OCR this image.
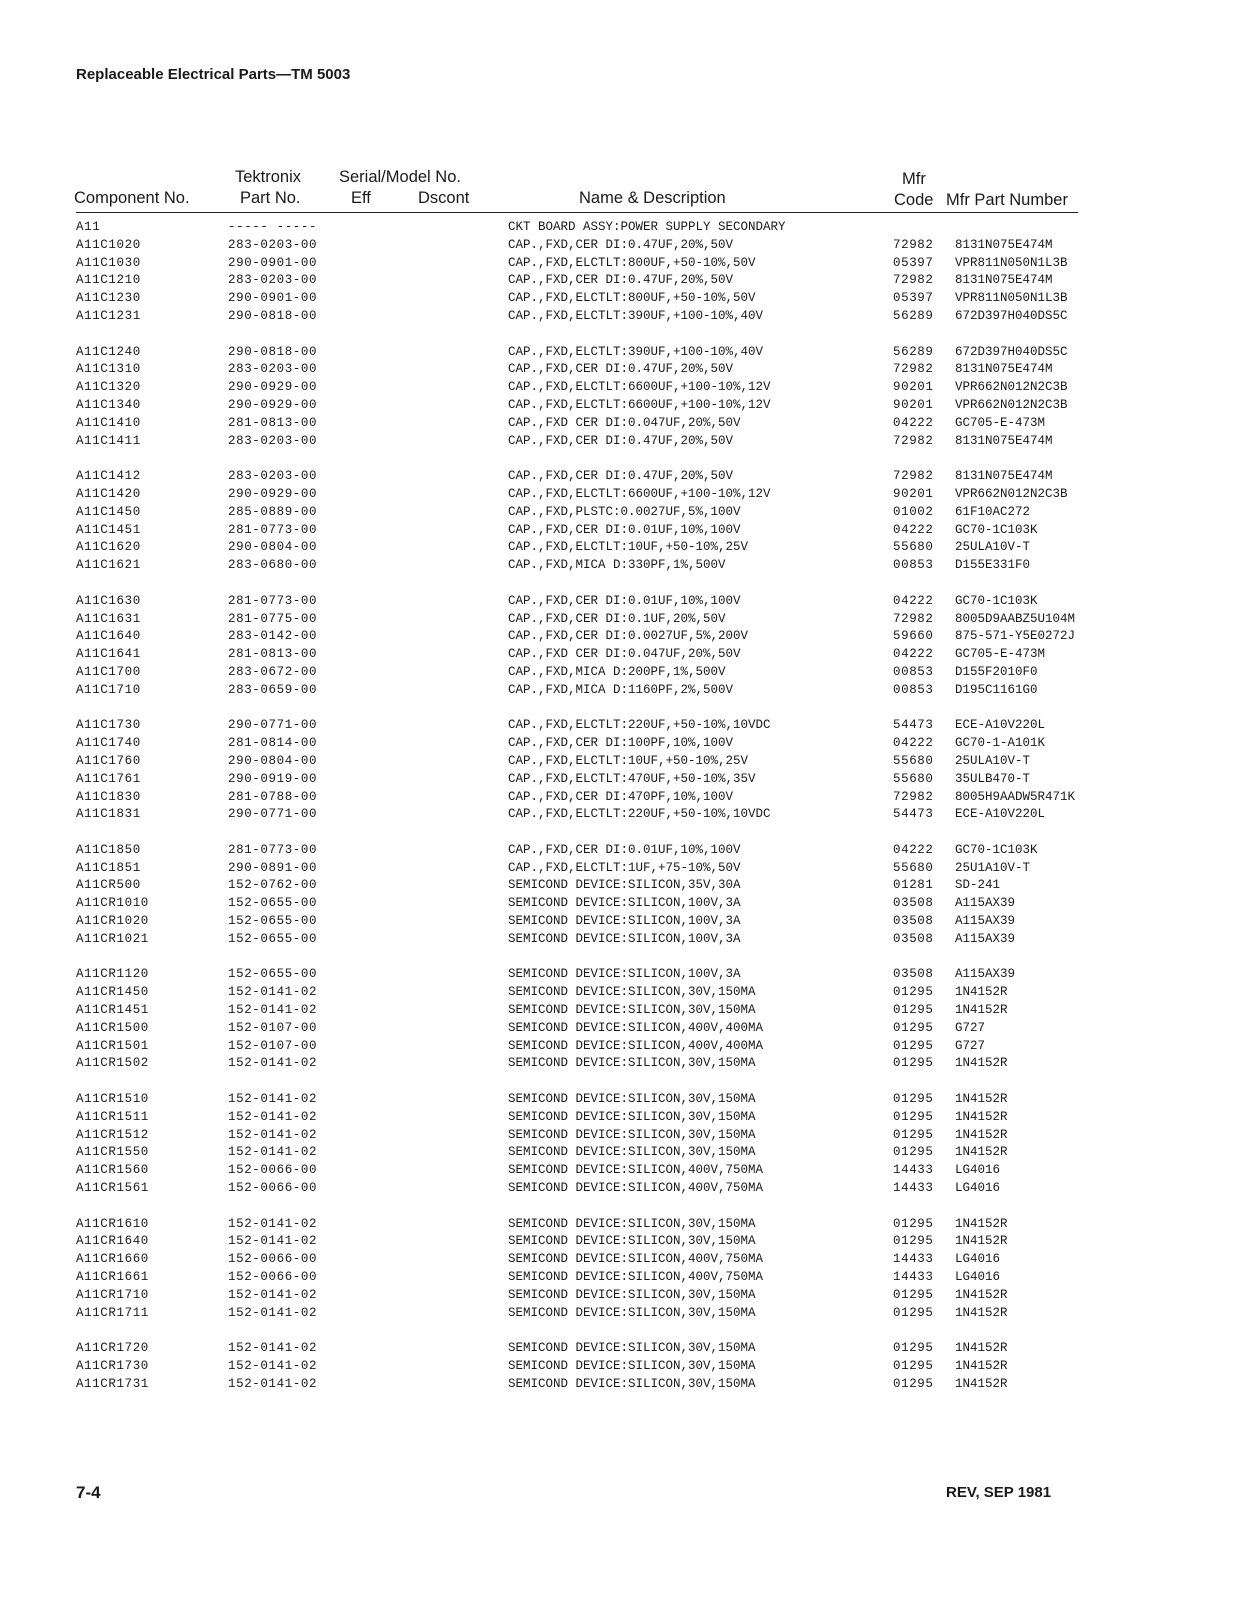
Replaceable Electrical Parts—TM 5003
Component No.
Tektronix
Part No.
Serial/Model No.
Eff	Dscont	Name & Description
Mfr
Code Mfr Part Number
A11	----- -----	CKT BOARD ASSY:POWER SUPPLY SECONDARY
A11C1020	283-0203-00	CAP.,FXD,CER DI:0.47UF,20%,50V	72982 8131N075E474M
A11C1030	290-0901-00	CAP.,FXD,ELCTLT:800UF,+50-10%,50V	05397 VPR811N050N1L3B
A11C1210	283-0203-00	CAP.,FXD,CER DI:0.47UF,20%,50V	72982 8131N075E474M
A11C1230	290-0901-00	CAP.,FXD,ELCTLT:800UF,+50-10%,50V	05397 VPR811N050N1L3B
A11C1231	290-0818-00	CAP.,FXD,ELCTLT:390UF,+100-10%,40V	56289 672D397H040DS5C
A11C1240	290-0818-00	CAP.,FXD,ELCTLT:390UF,+100-10%,40V	56289 672D397H040DS5C
A11C1310	283-0203-00	CAP.,FXD,CER DI:0.47UF,20%,50V	72982 8131N075E474M
A11C1320	290-0929-00	CAP.,FXD,ELCTLT:6600UF,+100-10%,12V	90201 VPR662N012N2C3B
A11C1340	290-0929-00	CAP.,FXD,ELCTLT:6600UF,+100-10%,12V	90201 VPR662N012N2C3B
A11C1410	281-0813-00	CAP.,FXD CER DI:0.047UF,20%,50V	04222 GC705-E-473M
A11C1411	283-0203-00	CAP.,FXD,CER DI:0.47UF,20%,50V	72982 8131N075E474M
A11C1412	283-0203-00	CAP.,FXD,CER DI:0.47UF,20%,50V	72982 8131N075E474M
A11C1420	290-0929-00	CAP.,FXD,ELCTLT:6600UF,+100-10%,12V	90201 VPR662N012N2C3B
A11C1450	285-0889-00	CAP.,FXD,PLSTC:0.0027UF,5%,100V	01002 61F10AC272
A11C1451	281-0773-00	CAP.,FXD,CER DI:0.01UF,10%,100V	04222 GC70-1C103K
A11C1620	290-0804-00	CAP.,FXD,ELCTLT:10UF,+50-10%,25V	55680 25ULA10V-T
A11C1621	283-0680-00	CAP.,FXD,MICA D:330PF,1%,500V	00853 D155E331F0
A11C1630	281-0773-00	CAP.,FXD,CER DI:0.01UF,10%,100V	04222 GC70-1C103K
A11C1631	281-0775-00	CAP.,FXD,CER DI:0.1UF,20%,50V	72982 8005D9AABZ5U104M
A11C1640	283-0142-00	CAP.,FXD,CER DI:0.0027UF,5%,200V	59660 875-571-Y5E0272J
A11C1641	281-0813-00	CAP.,FXD CER DI:0.047UF,20%,50V	04222 GC705-E-473M
A11C1700	283-0672-00	CAP.,FXD,MICA D:200PF,1%,500V	00853 D155F2010F0
A11C1710	283-0659-00	CAP.,FXD,MICA D:1160PF,2%,500V	00853 D195C1161G0
A11C1730	290-0771-00	CAP.,FXD,ELCTLT:220UF,+50-10%,10VDC	54473 ECE-A10V220L
A11C1740	281-0814-00	CAP.,FXD,CER DI:100PF,10%,100V	04222 GC70-1-A101K
A11C1760	290-0804-00	CAP.,FXD,ELCTLT:10UF,+50-10%,25V	55680 25ULA10V-T
A11C1761	290-0919-00	CAP.,FXD,ELCTLT:470UF,+50-10%,35V	55680 35ULB470-T
A11C1830	281-0788-00	CAP.,FXD,CER DI:470PF,10%,100V	72982 8005H9AADW5R471K
A11C1831	290-0771-00	CAP.,FXD,ELCTLT:220UF,+50-10%,10VDC	54473 ECE-A10V220L
A11C1850	281-0773-00	CAP.,FXD,CER DI:0.01UF,10%,100V	04222 GC70-1C103K
A11C1851	290-0891-00	CAP.,FXD,ELCTLT:1UF,+75-10%,50V	55680 25U1A10V-T
A11CR500	152-0762-00	SEMICOND DEVICE:SILICON,35V,30A	01281 SD-241
A11CR1010	152-0655-00	SEMICOND DEVICE:SILICON,100V,3A	03508 A115AX39
A11CR1020	152-0655-00	SEMICOND DEVICE:SILICON,100V,3A	03508 A115AX39
A11CR1021	152-0655-00	SEMICOND DEVICE:SILICON,100V,3A	03508 A115AX39
A11CR1120	152-0655-00	SEMICOND DEVICE:SILICON,100V,3A	03508 A115AX39
A11CR1450	152-0141-02	SEMICOND DEVICE:SILICON,30V,150MA	01295 1N4152R
A11CR1451	152-0141-02	SEMICOND DEVICE:SILICON,30V,150MA	01295 1N4152R
A11CR1500	152-0107-00	SEMICOND DEVICE:SILICON,400V,400MA	01295 G727
A11CR1501	152-0107-00	SEMICOND DEVICE:SILICON,400V,400MA	01295 G727
A11CR1502	152-0141-02	SEMICOND DEVICE:SILICON,30V,150MA	01295 1N4152R
A11CR1510	152-0141-02	SEMICOND DEVICE:SILICON,30V,150MA	01295 1N4152R
A11CR1511	152-0141-02	SEMICOND DEVICE:SILICON,30V,150MA	01295 1N4152R
A11CR1512	152-0141-02	SEMICOND DEVICE:SILICON,30V,150MA	01295 1N4152R
A11CR1550	152-0141-02	SEMICOND DEVICE:SILICON,30V,150MA	01295 1N4152R
A11CR1560	152-0066-00	SEMICOND DEVICE:SILICON,400V,750MA	14433 LG4016
A11CR1561	152-0066-00	SEMICOND DEVICE:SILICON,400V,750MA	14433 LG4016
A11CR1610	152-0141-02	SEMICOND DEVICE:SILICON,30V,150MA	01295 1N4152R
A11CR1640	152-0141-02	SEMICOND DEVICE:SILICON,30V,150MA	01295 1N4152R
A11CR1660	152-0066-00	SEMICOND DEVICE:SILICON,400V,750MA	14433 LG4016
A11CR1661	152-0066-00	SEMICOND DEVICE:SILICON,400V,750MA	14433 LG4016
A11CR1710	152-0141-02	SEMICOND DEVICE:SILICON,30V,150MA	01295 1N4152R
A11CR1711	152-0141-02	SEMICOND DEVICE:SILICON,30V,150MA	01295 1N4152R
A11CR1720	152-0141-02	SEMICOND DEVICE:SILICON,30V,150MA	01295 1N4152R
A11CR1730	152-0141-02	SEMICOND DEVICE:SILICON,30V,150MA	01295 1N4152R
A11CR1731	152-0141-02	SEMICOND DEVICE:SILICON,30V,150MA	01295 1N4152R
7-4	REV, SEP 1981
